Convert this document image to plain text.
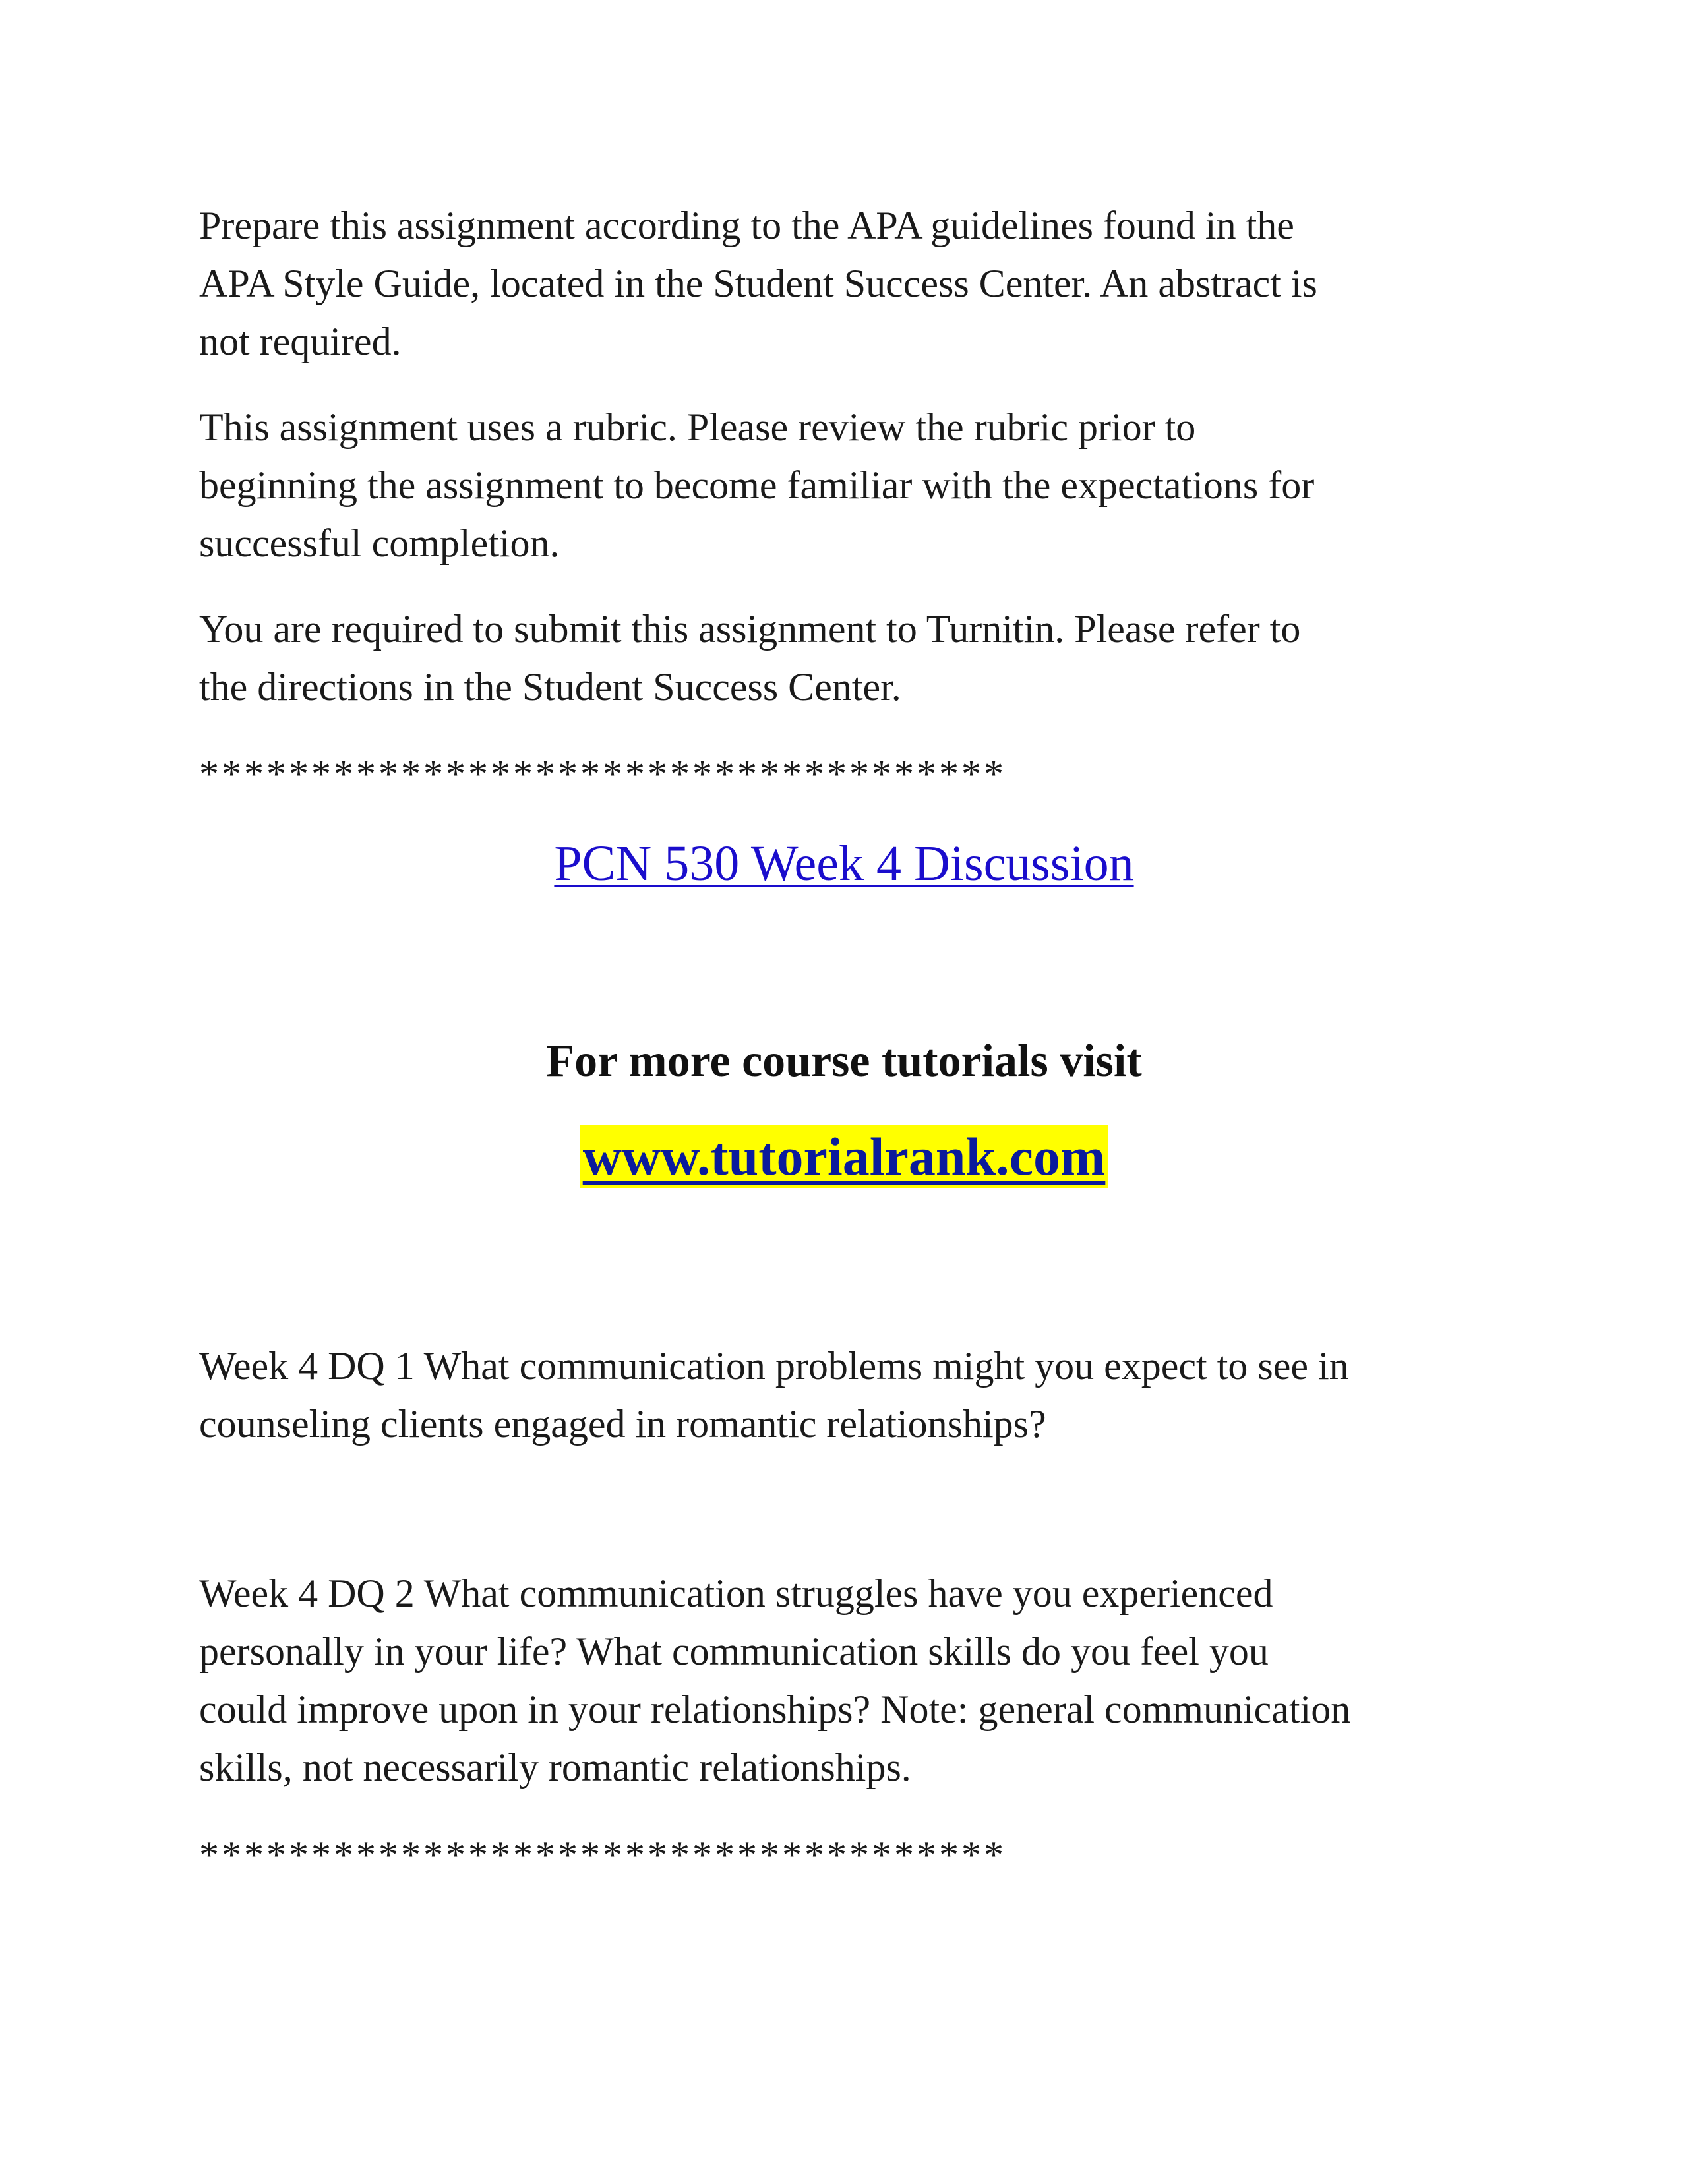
Prepare this assignment according to the APA guidelines found in the
APA Style Guide, located in the Student Success Center. An abstract is
not required.

This assignment uses a rubric. Please review the rubric prior to
beginning the assignment to become familiar with the expectations for
successful completion.

You are required to submit this assignment to Turnitin. Please refer to
the directions in the Student Success Center.

************************************

PCN 530 Week 4 Discussion

For more course tutorials visit

www.tutorialrank.com

Week 4 DQ 1 What communication problems might you expect to see in
counseling clients engaged in romantic relationships?

Week 4 DQ 2 What communication struggles have you experienced
personally in your life? What communication skills do you feel you
could improve upon in your relationships? Note: general communication
skills, not necessarily romantic relationships.

************************************
